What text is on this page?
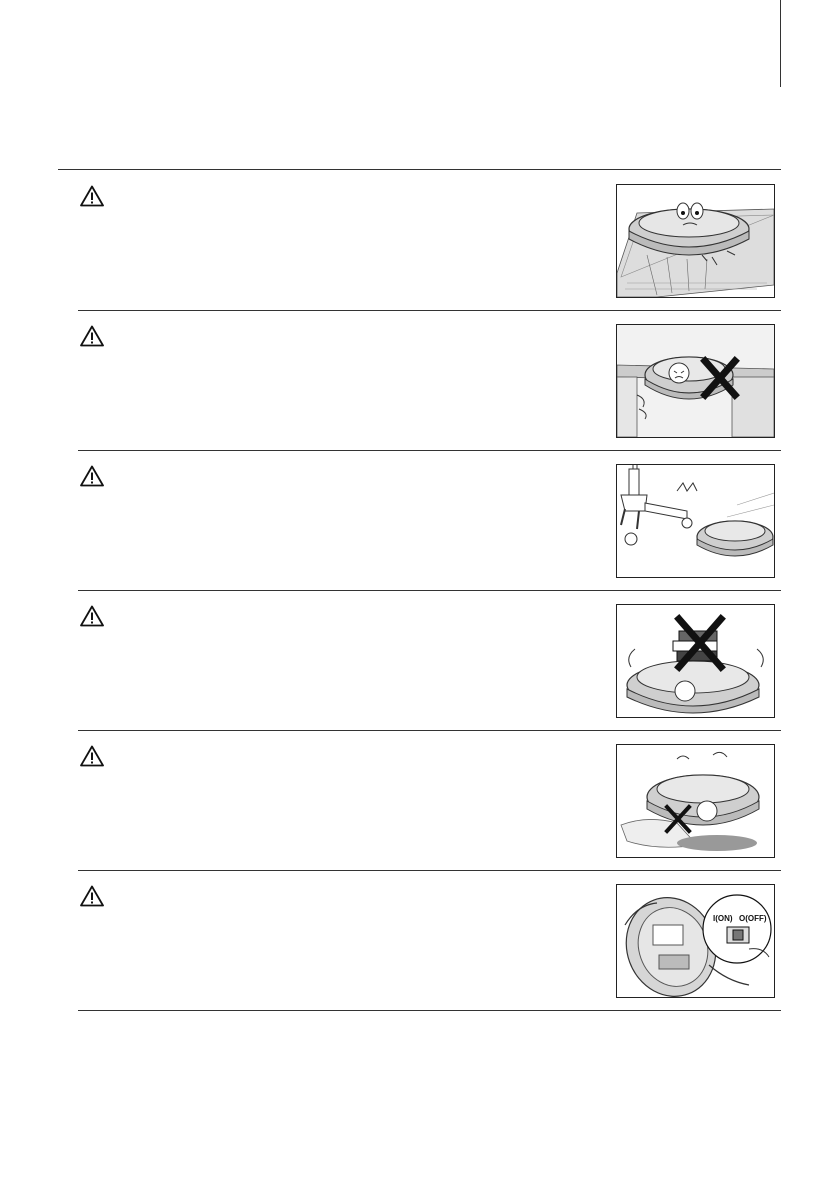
I(ON) O(OFF)
